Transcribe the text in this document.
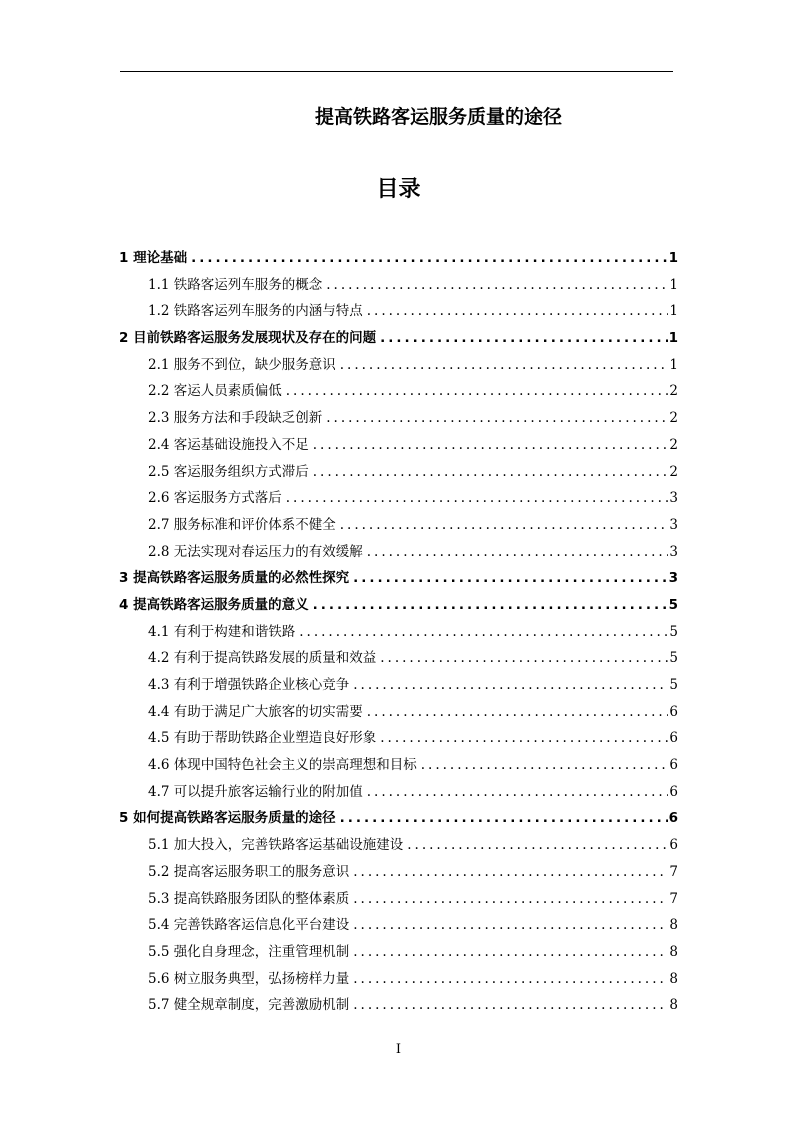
提高铁路客运服务质量的途径
目录
1 理论基础 .....	1
1.1 铁路客运列车服务的概念 .....	1
1.2 铁路客运列车服务的内涵与特点 .....	1
2 目前铁路客运服务发展现状及存在的问题 .....	1
2.1 服务不到位，缺少服务意识 .....	1
2.2 客运人员素质偏低 .....	2
2.3 服务方法和手段缺乏创新 .....	2
2.4 客运基础设施投入不足 .....	2
2.5 客运服务组织方式滞后 .....	2
2.6 客运服务方式落后 .....	3
2.7 服务标准和评价体系不健全 .....	3
2.8 无法实现对春运压力的有效缓解 .....	3
3 提高铁路客运服务质量的必然性探究 .....	3
4 提高铁路客运服务质量的意义 .....	5
4.1 有利于构建和谐铁路 .....	5
4.2 有利于提高铁路发展的质量和效益 .....	5
4.3 有利于增强铁路企业核心竞争 .....	5
4.4 有助于满足广大旅客的切实需要 .....	6
4.5 有助于帮助铁路企业塑造良好形象 .....	6
4.6 体现中国特色社会主义的崇高理想和目标 .....	6
4.7 可以提升旅客运输行业的附加值 .....	6
5 如何提高铁路客运服务质量的途径 .....	6
5.1 加大投入，完善铁路客运基础设施建设 .....	6
5.2 提高客运服务职工的服务意识 .....	7
5.3 提高铁路服务团队的整体素质 .....	7
5.4 完善铁路客运信息化平台建设 .....	8
5.5 强化自身理念，注重管理机制 .....	8
5.6 树立服务典型，弘扬榜样力量 .....	8
5.7 健全规章制度，完善激励机制 .....	8
I
